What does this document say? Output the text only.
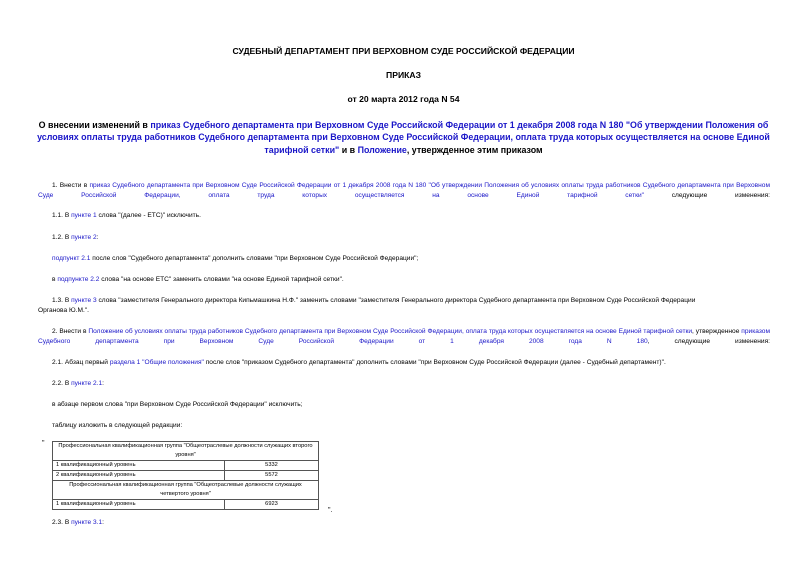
СУДЕБНЫЙ ДЕПАРТАМЕНТ ПРИ ВЕРХОВНОМ СУДЕ РОССИЙСКОЙ ФЕДЕРАЦИИ
ПРИКАЗ
от 20 марта 2012 года N 54
О внесении изменений в приказ Судебного департамента при Верховном Суде Российской Федерации от 1 декабря 2008 года N 180 "Об утверждении Положения об условиях оплаты труда работников Судебного департамента при Верховном Суде Российской Федерации, оплата труда которых осуществляется на основе Единой тарифной сетки" и в Положение, утвержденное этим приказом
1. Внести в приказ Судебного департамента при Верховном Суде Российской Федерации от 1 декабря 2008 года N 180 "Об утверждении Положения об условиях оплаты труда работников Судебного департамента при Верховном Суде Российской Федерации, оплата труда которых осуществляется на основе Единой тарифной сетки" следующие изменения:
1.1. В пункте 1 слова "(далее - ЕТС)" исключить.
1.2. В пункте 2:
подпункт 2.1 после слов "Судебного департамента" дополнить словами "при Верховном Суде Российской Федерации";
в подпункте 2.2 слова "на основе ЕТС" заменить словами "на основе Единой тарифной сетки".
1.3. В пункте 3 слова "заместителя Генерального директора Кипьмашкина Н.Ф." заменить словами "заместителя Генерального директора Судебного департамента при Верховном Суде Российской Федерации
Органова Ю.М.".
2. Внести в Положение об условиях оплаты труда работников Судебного департамента при Верховном Суде Российской Федерации, оплата труда которых осуществляется на основе Единой тарифной сетки, утвержденное приказом Судебного департамента при Верховном Суде Российской Федерации от 1 декабря 2008 года N 180, следующие изменения:
2.1. Абзац первый раздела 1 "Общие положения" после слов "приказом Судебного департамента" дополнить словами "при Верховном Суде Российской Федерации (далее - Судебный департамент)".
2.2. В пункте 2.1:
в абзаце первом слова "при Верховном Суде Российской Федерации" исключить;
таблицу изложить в следующей редакции:
" Профессиональная квалификационная группа "Общеотраслевые должности служащих второго уровня"	
1 квалификационный уровень	5332
2 квалификационный уровень	5572
Профессиональная квалификационная группа "Общеотраслевые должности служащих четвертого уровня"	
1 квалификационный уровень	6923
".
2.3. В пункте 3.1:
